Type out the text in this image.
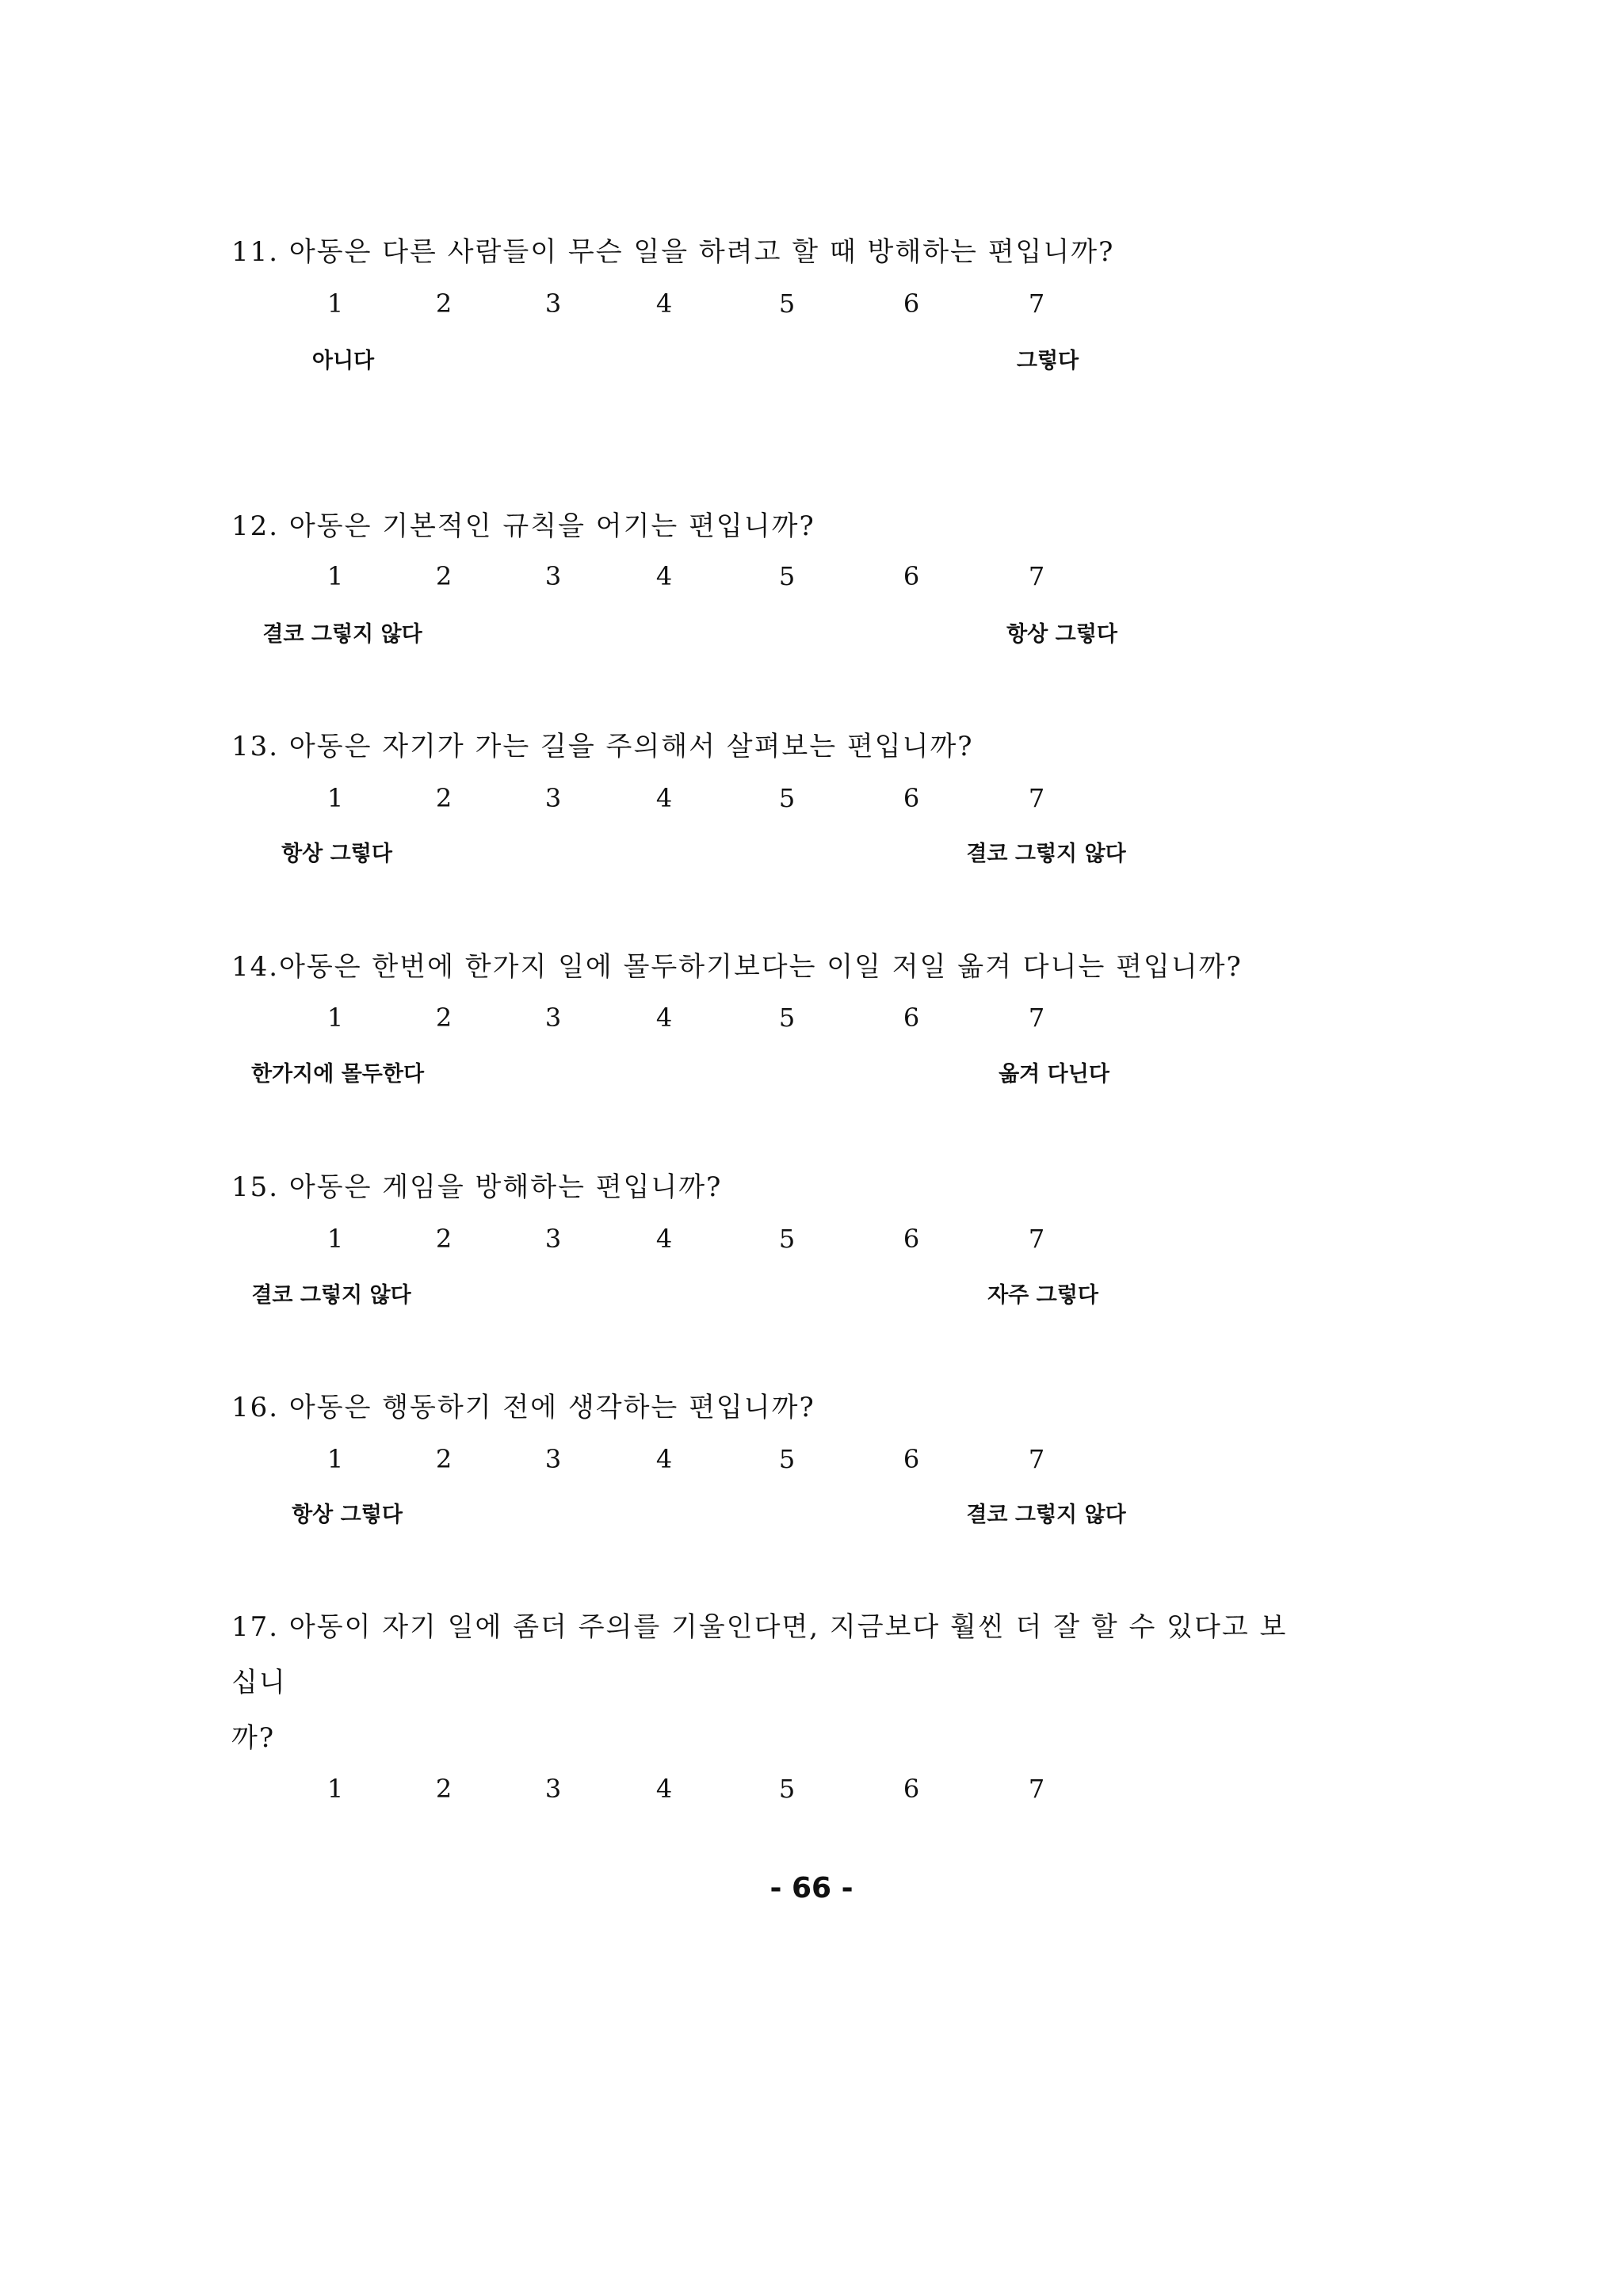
11. 아동은 다른 사람들이 무슨 일을 하려고 할 때 방해하는 편입니까?
1	2	3	4	5	6	7
아니다	그렇다
12. 아동은 기본적인 규칙을 어기는 편입니까?
1	2	3	4	5	6	7
결코 그렇지 않다	항상 그렇다
13. 아동은 자기가 가는 길을 주의해서 살펴보는 편입니까?
1	2	3	4	5	6	7
항상 그렇다	결코 그렇지 않다
14.아동은 한번에 한가지 일에 몰두하기보다는 이일 저일 옮겨 다니는 편입니까?
1	2	3	4	5	6	7
한가지에 몰두한다	옮겨 다닌다
15. 아동은 게임을 방해하는 편입니까?
1	2	3	4	5	6	7
결코 그렇지 않다	자주 그렇다
16. 아동은 행동하기 전에 생각하는 편입니까?
1	2	3	4	5	6	7
항상 그렇다	결코 그렇지 않다
17. 아동이 자기 일에 좀더 주의를 기울인다면, 지금보다 훨씬 더 잘 할 수 있다고 보
십니
까?
1	2	3	4	5	6	7
- 66 -
